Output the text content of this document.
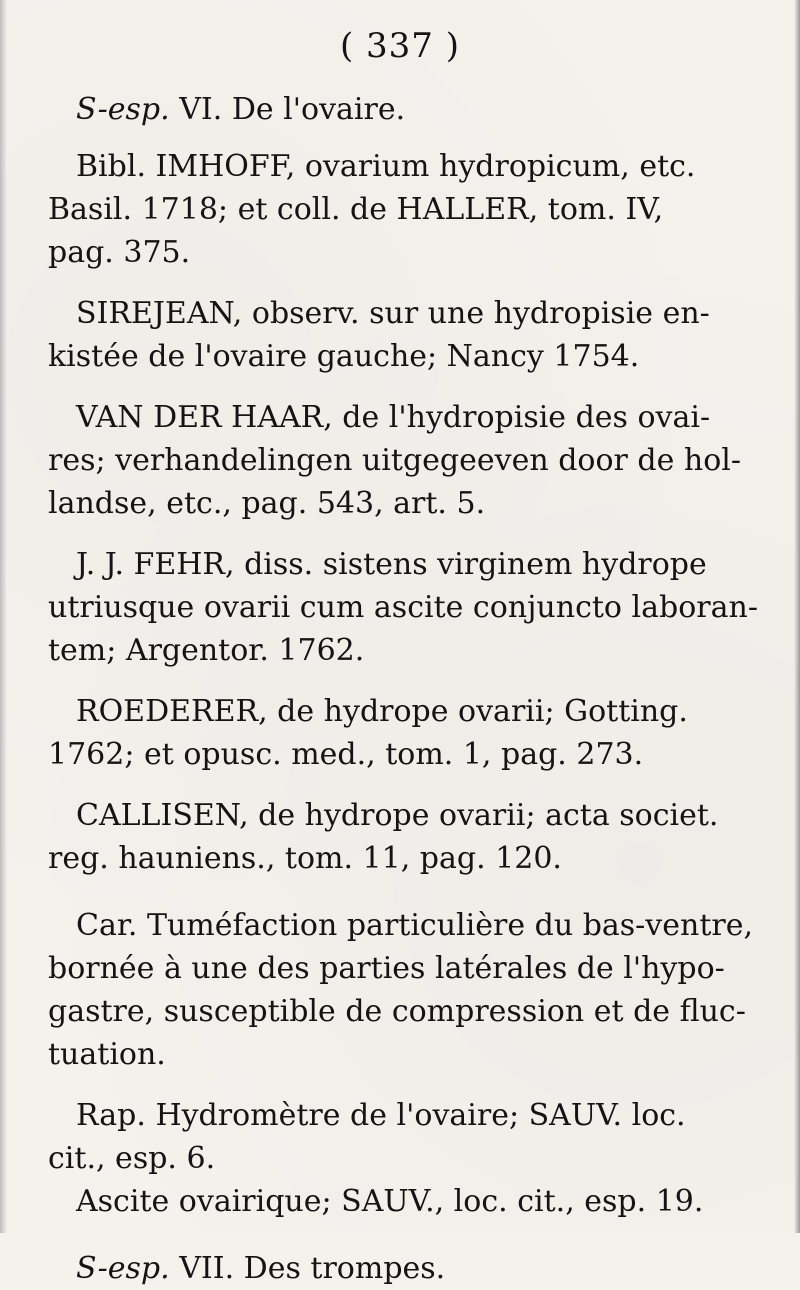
( 337 )
S-esp. VI. De l'ovaire.
Bibl. IMHOFF, ovarium hydropicum, etc.
Basil. 1718; et coll. de HALLER, tom. IV,
pag. 375.
SIREJEAN, observ. sur une hydropisie en-
kistée de l'ovaire gauche; Nancy 1754.
VAN DER HAAR, de l'hydropisie des ovai-
res; verhandelingen uitgegeeven door de hol-
landse, etc., pag. 543, art. 5.
J. J. FEHR, diss. sistens virginem hydrope
utriusque ovarii cum ascite conjuncto laboran-
tem; Argentor. 1762.
ROEDERER, de hydrope ovarii; Gotting.
1762; et opusc. med., tom. 1, pag. 273.
CALLISEN, de hydrope ovarii; acta societ.
reg. hauniens., tom. 11, pag. 120.
Car. Tuméfaction particulière du bas-ventre,
bornée à une des parties latérales de l'hypo-
gastre, susceptible de compression et de fluc-
tuation.
Rap. Hydromètre de l'ovaire; SAUV. loc.
cit., esp. 6.
Ascite ovairique; SAUV., loc. cit., esp. 19.
S-esp. VII. Des trompes.
